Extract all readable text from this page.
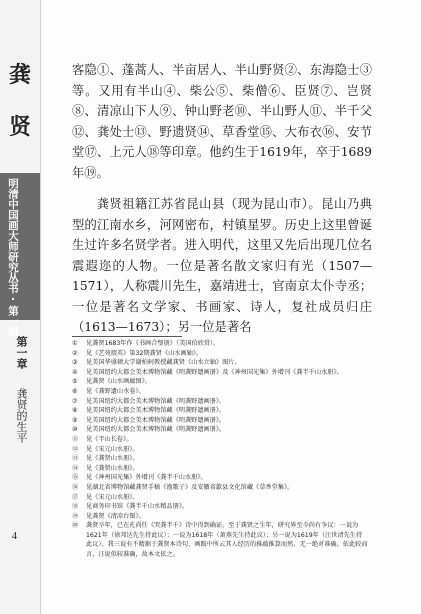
龚
贤
明清中国画大师研究丛书·第一辑
第一章
龚贤的生平
4

客隐①、蓬蒿人、半亩居人、半山野贤②、东海隐士③等。又用有半山④、柴公⑤、柴僧⑥、臣贤⑦、岂贤⑧、清凉山下人⑨、钟山野老⑩、半山野人⑪、半千父⑫、龚处士⑬、野遗贤⑭、草香堂⑮、大布衣⑯、安节堂⑰、上元人⑱等印章。他约生于1619年，卒于1689年⑲。

龚贤祖籍江苏省昆山县（现为昆山市）。昆山乃典型的江南水乡，河网密布，村镇星罗。历史上这里曾诞生过许多名贤学者。进入明代，这里又先后出现几位名震遐迩的人物。一位是著名散文家归有光（1507—1571），人称震川先生，嘉靖进士，官南京太仆寺丞；一位是著名文学家、书画家、诗人，复社成员归庄（1613—1673）；另一位是著名

①	见龚贤1683年作《书画合璧册》（美国伯欣赏）。
②	见《艺苑掇英》第32期龚贤《山水画轴》。
③	见美国华盛顿大学谢柏轲教授藏龚贤《山水立轴》图片。
④	见美国纽约大都会美术博物馆藏《明龚野遗画册》及《神州国光集》外增刊《龚半千山水册》。
⑤	见龚贤《山水画廊图》。
⑥	见《龚野遗山水卷》。
⑦	见美国纽约大都会美术博物馆藏《明龚野遗画册》。
⑧	见美国纽约大都会美术博物馆藏《明龚野遗画册》。
⑨	见美国纽约大都会美术博物馆藏《明龚野遗画册》。
⑩	见美国纽约大都会美术博物馆藏《明龚野遗画册》。
⑪	见《半山长卷》。
⑫	见《宋元山水册》。
⑬	见《龚贤山水册》。
⑭	见《龚贤山水册》。
⑮	见《神州国光集》外增刊《龚半千山水册》。
⑯	见湖北省博物馆藏龚贤手稿《渔歌子》及安徽省歙县文化馆藏《草香堂集》。
⑰	见《宋元山水册》。
⑱	见商务印书馆《龚半千山水精品册》。
⑲	见龚贤《清凉台图》。
⑳	龚贤卒年，已在孔尚任《哭龚半千》诗中得到确证。至于龚贤之生年，研究界至今尚有争议：一说为1621年（徐邦达先生持此议）；一说为1618年（萧燕先生持此议）；另一说为1619年（汪世清先生持此议）。我三说有不精据于龚贤本诗句、画跋中所云其人经历的推敲推算而然，无一绝对准确。依此较而言，汪说似较准确，故本文依之。
